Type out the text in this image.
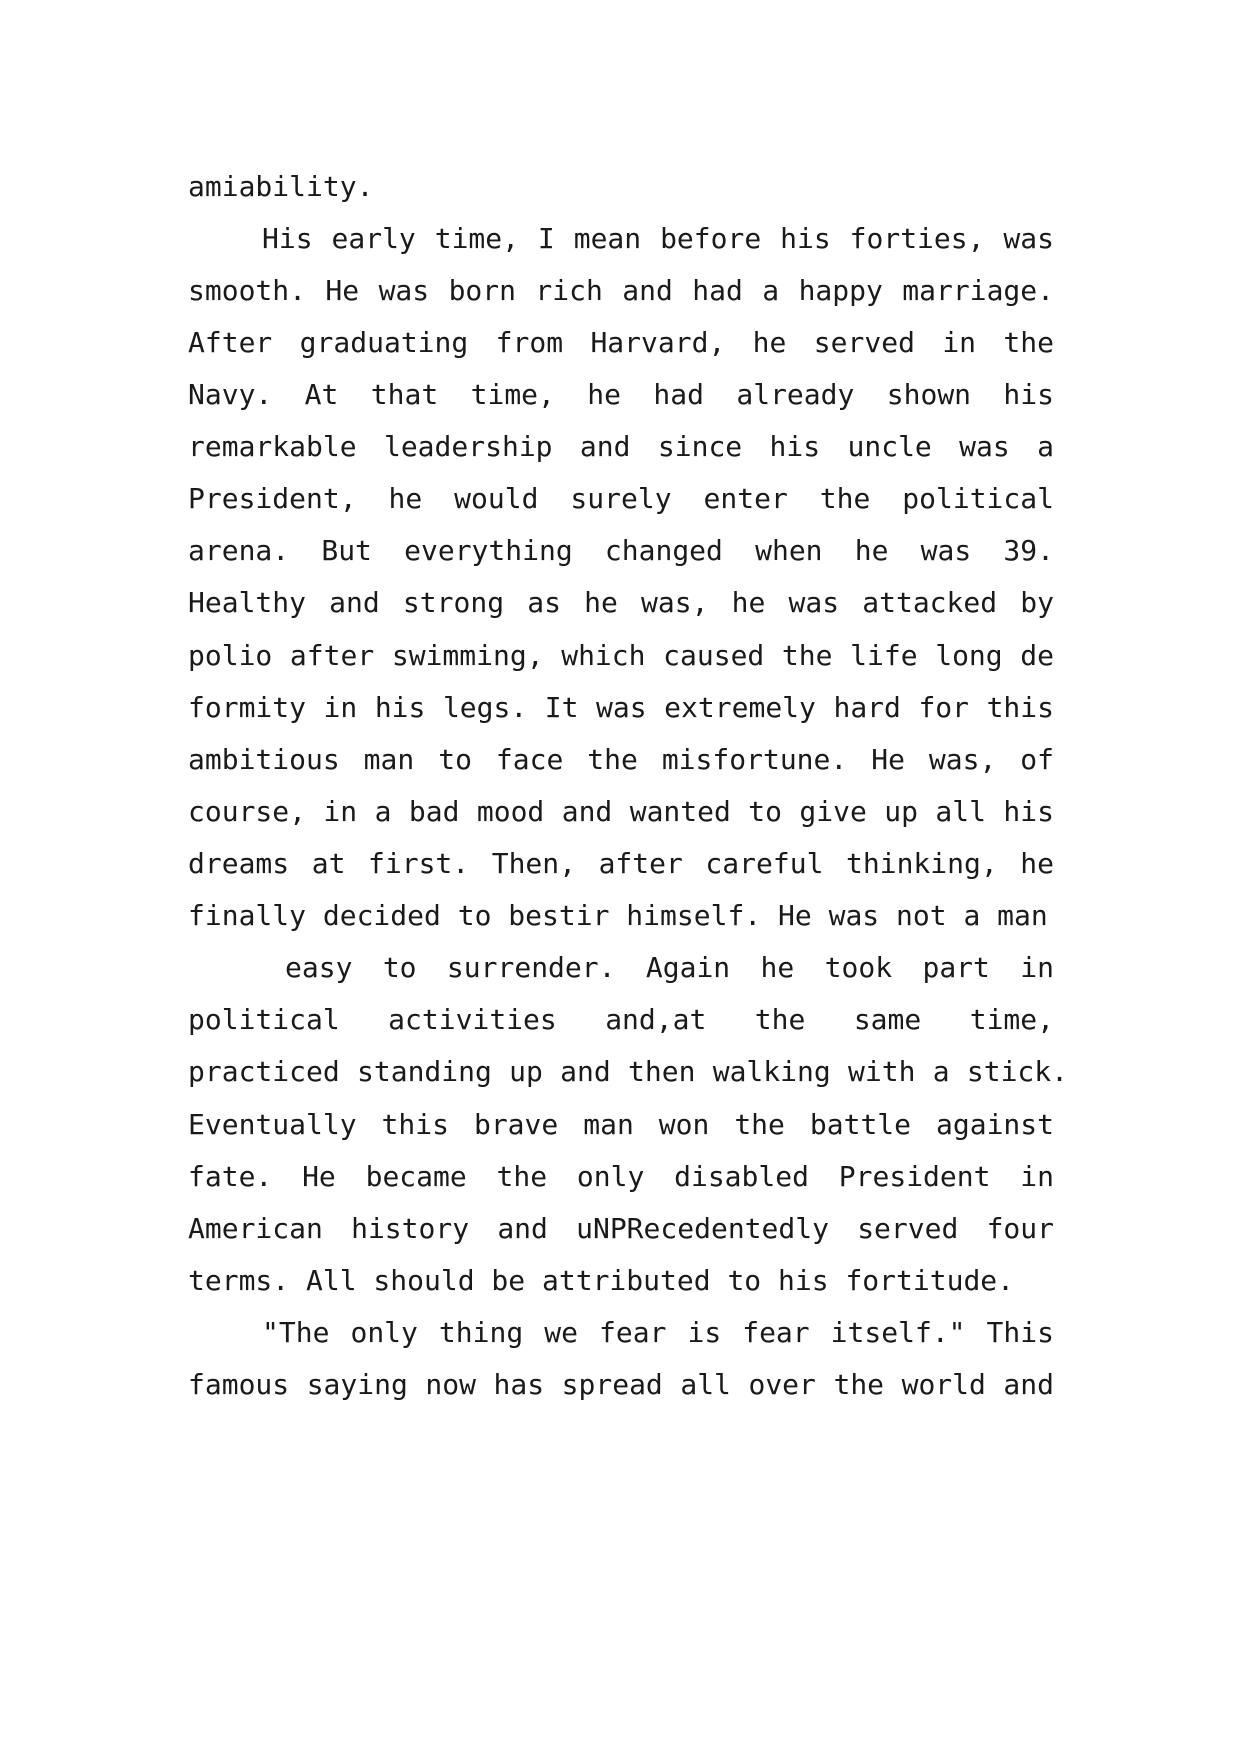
amiability.

His early time, I mean before his forties, was

smooth. He was born rich and had a happy marriage.

After graduating from Harvard, he served in the

Navy. At that time, he had already shown his

remarkable leadership and since his uncle was a

President, he would surely enter the political

arena. But everything changed when he was 39.

Healthy and strong as he was, he was attacked by

polio after swimming, which caused the life long de

formity in his legs. It was extremely hard for this

ambitious man to face the misfortune. He was, of

course, in a bad mood and wanted to give up all his

dreams at first. Then, after careful thinking, he

finally decided to bestir himself. He was not a man

easy to surrender. Again he took part in

political activities and,at the same time,

practiced standing up and then walking with a stick.

Eventually this brave man won the battle against

fate. He became the only disabled President in

American history and uNPRecedentedly served four

terms. All should be attributed to his fortitude.

"The only thing we fear is fear itself." This

famous saying now has spread all over the world and
